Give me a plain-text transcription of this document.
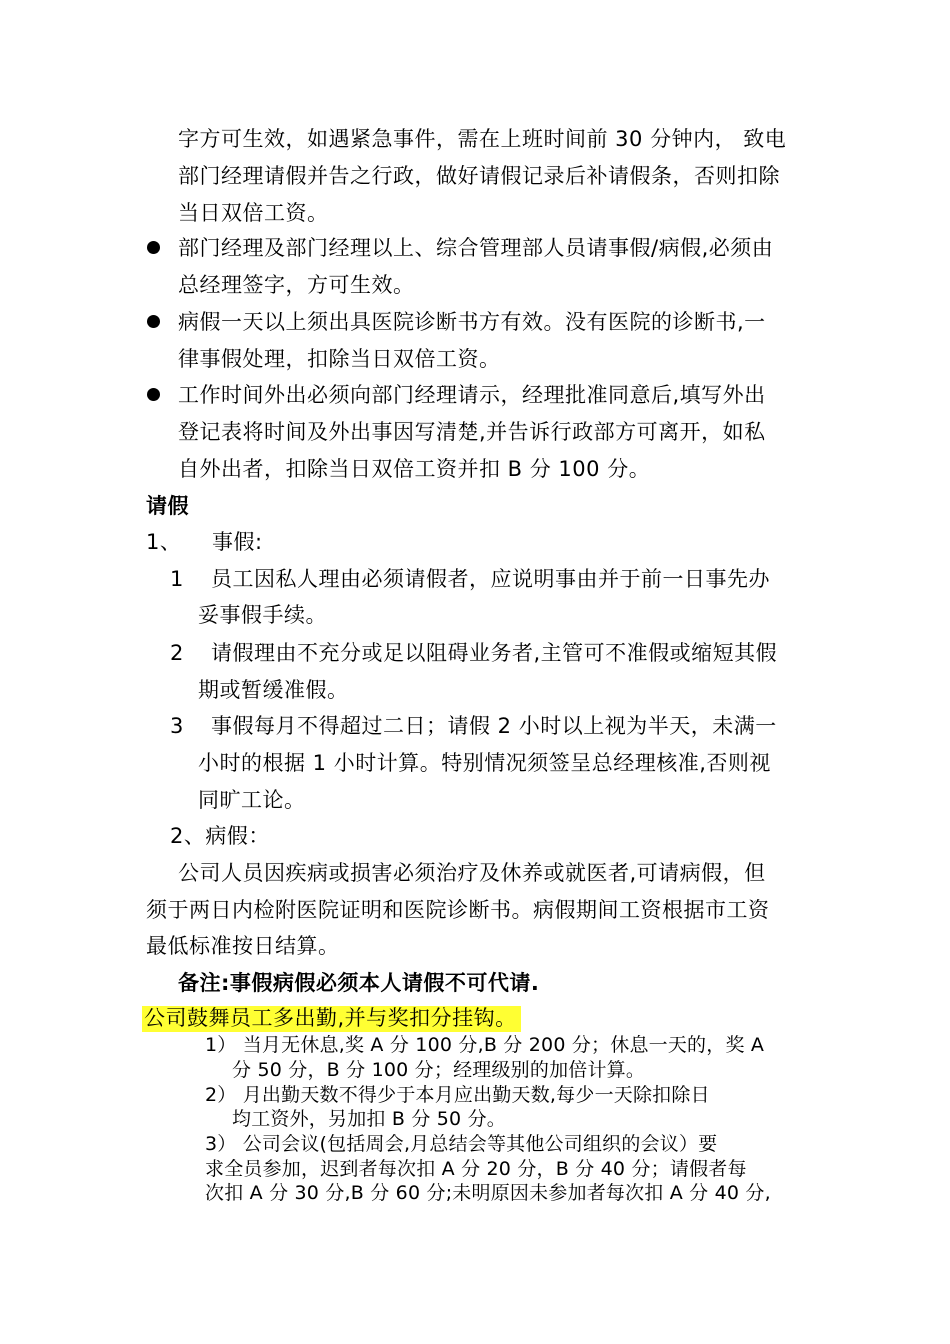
字方可生效，如遇紧急事件，需在上班时间前 30 分钟内， 致电
部门经理请假并告之行政，做好请假记录后补请假条，否则扣除
当日双倍工资。
部门经理及部门经理以上、综合管理部人员请事假/病假,必须由
总经理签字，方可生效。
病假一天以上须出具医院诊断书方有效。没有医院的诊断书,一
律事假处理，扣除当日双倍工资。
工作时间外出必须向部门经理请示，经理批准同意后,填写外出
登记表将时间及外出事因写清楚,并告诉行政部方可离开，如私
自外出者，扣除当日双倍工资并扣 B 分 100 分。
请假
1、 事假:
1 员工因私人理由必须请假者，应说明事由并于前一日事先办
妥事假手续。
2 请假理由不充分或足以阻碍业务者,主管可不准假或缩短其假
期或暂缓准假。
3 事假每月不得超过二日；请假 2 小时以上视为半天，未满一
小时的根据 1 小时计算。特别情况须签呈总经理核准,否则视
同旷工论。
2、病假：
公司人员因疾病或损害必须治疗及休养或就医者,可请病假，但
须于两日内检附医院证明和医院诊断书。病假期间工资根据市工资
最低标准按日结算。
备注:事假病假必须本人请假不可代请.
公司鼓舞员工多出勤,并与奖扣分挂钩。
1） 当月无休息,奖 A 分 100 分,B 分 200 分；休息一天的，奖 A
分 50 分，B 分 100 分；经理级别的加倍计算。
2） 月出勤天数不得少于本月应出勤天数,每少一天除扣除日
均工资外，另加扣 B 分 50 分。
3） 公司会议(包括周会,月总结会等其他公司组织的会议）要
求全员参加，迟到者每次扣 A 分 20 分，B 分 40 分；请假者每
次扣 A 分 30 分,B 分 60 分;未明原因未参加者每次扣 A 分 40 分,
